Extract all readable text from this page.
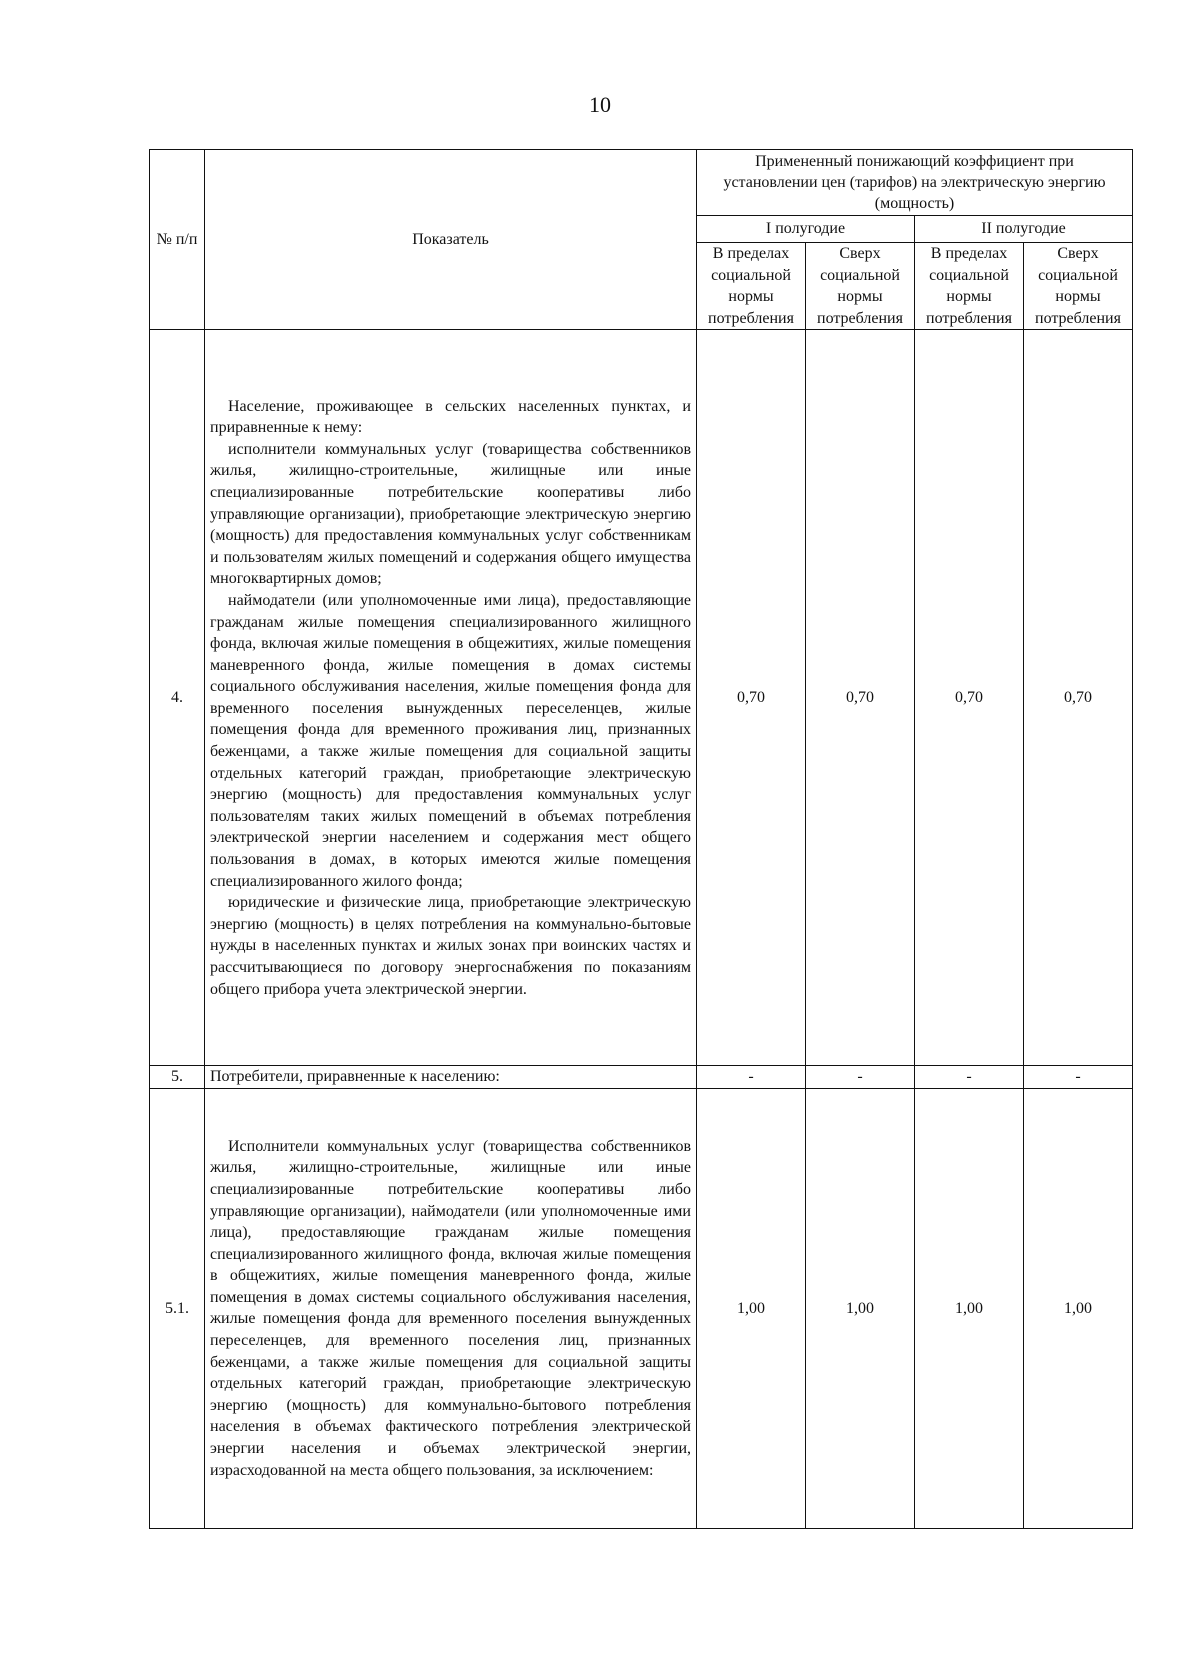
10
№ п/п	Показатель	Примененный понижающий коэффициент при установлении цен (тарифов) на электрическую энергию (мощность)			
		I полугодие		II полугодие	
		В пределах социальной нормы потребления	Сверх социальной нормы потребления	В пределах социальной нормы потребления	Сверх социальной нормы потребления
4.	Население, проживающее в сельских населенных пунктах, и приравненные к нему:

исполнители коммунальных услуг (товарищества собственников жилья, жилищно-строительные, жилищные или иные специализированные потребительские кооперативы либо управляющие организации), приобретающие электрическую энергию (мощность) для предоставления коммунальных услуг собственникам и пользователям жилых помещений и содержания общего имущества многоквартирных домов;

наймодатели (или уполномоченные ими лица), предоставляющие гражданам жилые помещения специализированного жилищного фонда, включая жилые помещения в общежитиях, жилые помещения маневренного фонда, жилые помещения в домах системы социального обслуживания населения, жилые помещения фонда для временного поселения вынужденных переселенцев, жилые помещения фонда для временного проживания лиц, признанных беженцами, а также жилые помещения для социальной защиты отдельных категорий граждан, приобретающие электрическую энергию (мощность) для предоставления коммунальных услуг пользователям таких жилых помещений в объемах потребления электрической энергии населением и содержания мест общего пользования в домах, в которых имеются жилые помещения специализированного жилого фонда;

юридические и физические лица, приобретающие электрическую энергию (мощность) в целях потребления на коммунально-бытовые нужды в населенных пунктах и жилых зонах при воинских частях и рассчитывающиеся по договору энергоснабжения по показаниям общего прибора учета электрической энергии.	0,70	0,70	0,70	0,70
5.	Потребители, приравненные к населению:	-	-	-	-
5.1.	Исполнители коммунальных услуг (товарищества собственников жилья, жилищно-строительные, жилищные или иные специализированные потребительские кооперативы либо управляющие организации), наймодатели (или уполномоченные ими лица), предоставляющие гражданам жилые помещения специализированного жилищного фонда, включая жилые помещения в общежитиях, жилые помещения маневренного фонда, жилые помещения в домах системы социального обслуживания населения, жилые помещения фонда для временного поселения вынужденных переселенцев, для временного поселения лиц, признанных беженцами, а также жилые помещения для социальной защиты отдельных категорий граждан, приобретающие электрическую энергию (мощность) для коммунально-бытового потребления населения в объемах фактического потребления электрической энергии населения и объемах электрической энергии, израсходованной на места общего пользования, за исключением:	1,00	1,00	1,00	1,00
